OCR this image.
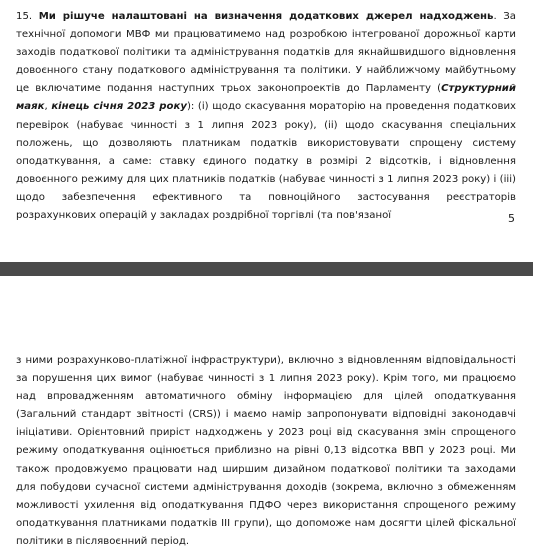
15. Ми рішуче налаштовані на визначення додаткових джерел надходжень. За технічної допомоги МВФ ми працюватимемо над розробкою інтегрованої дорожньої карти заходів податкової політики та адміністрування податків для якнайшвидшого відновлення довоєнного стану податкового адміністрування та політики. У найближчому майбутньому це включатиме подання наступних трьох законопроектів до Парламенту (Структурний маяк, кінець січня 2023 року): (i) щодо скасування мораторію на проведення податкових перевірок (набуває чинності з 1 липня 2023 року), (ii) щодо скасування спеціальних положень, що дозволяють платникам податків використовувати спрощену систему оподаткування, а саме: ставку єдиного податку в розмірі 2 відсотків, і відновлення довоєнного режиму для цих платників податків (набуває чинності з 1 липня 2023 року) і (iii) щодо забезпечення ефективного та повноційного застосування реєстраторів розрахункових операцій у закладах роздрібної торгівлі (та пов'язаної	5

з ними розрахунково-платіжної інфраструктури), включно з відновленням відповідальності за порушення цих вимог (набуває чинності з 1 липня 2023 року). Крім того, ми працюємо над впровадженням автоматичного обміну інформацією для цілей оподаткування (Загальний стандарт звітності (CRS)) і маємо намір запропонувати відповідні законодавчі ініціативи. Орієнтовний приріст надходжень у 2023 році від скасування змін спрощеного режиму оподаткування оцінюється приблизно на рівні 0,13 відсотка ВВП у 2023 році. Ми також продовжуємо працювати над ширшим дизайном податкової політики та заходами для побудови сучасної системи адміністрування доходів (зокрема, включно з обмеженням можливості ухилення від оподаткування ПДФО через використання спрощеного режиму оподаткування платниками податків III групи), що допоможе нам досягти цілей фіскальної політики в післявоєнний період.
